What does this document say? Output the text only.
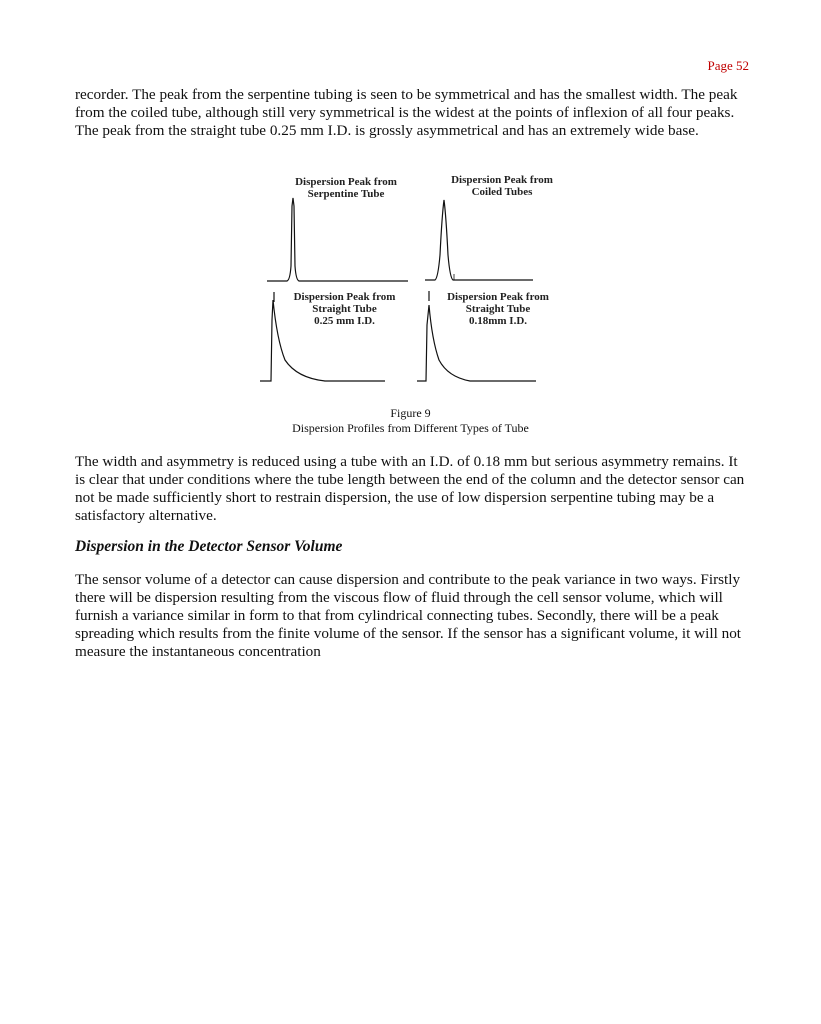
Page 52

recorder. The peak from the serpentine tubing is seen to be symmetrical and has the smallest width. The peak from the coiled tube, although still very symmetrical is the widest at the points of inflexion of all four peaks. The peak from the straight tube 0.25 mm I.D. is grossly asymmetrical and has an extremely wide base.

Dispersion Peak from
Serpentine Tube
Dispersion Peak from
Coiled Tubes
Dispersion Peak from
Straight Tube
0.25 mm I.D.
Dispersion Peak from
Straight Tube
0.18mm I.D.
Figure 9
Dispersion Profiles from Different Types of Tube

The width and asymmetry is reduced using a tube with an I.D. of 0.18 mm but serious asymmetry remains. It is clear that under conditions where the tube length between the end of the column and the detector sensor can not be made sufficiently short to restrain dispersion, the use of low dispersion serpentine tubing may be a satisfactory alternative.

Dispersion in the Detector Sensor Volume

The sensor volume of a detector can cause dispersion and contribute to the peak variance in two ways. Firstly there will be dispersion resulting from the viscous flow of fluid through the cell sensor volume, which will furnish a variance similar in form to that from cylindrical connecting tubes. Secondly, there will be a peak spreading which results from the finite volume of the sensor. If the sensor has a significant volume, it will not measure the instantaneous concentration
